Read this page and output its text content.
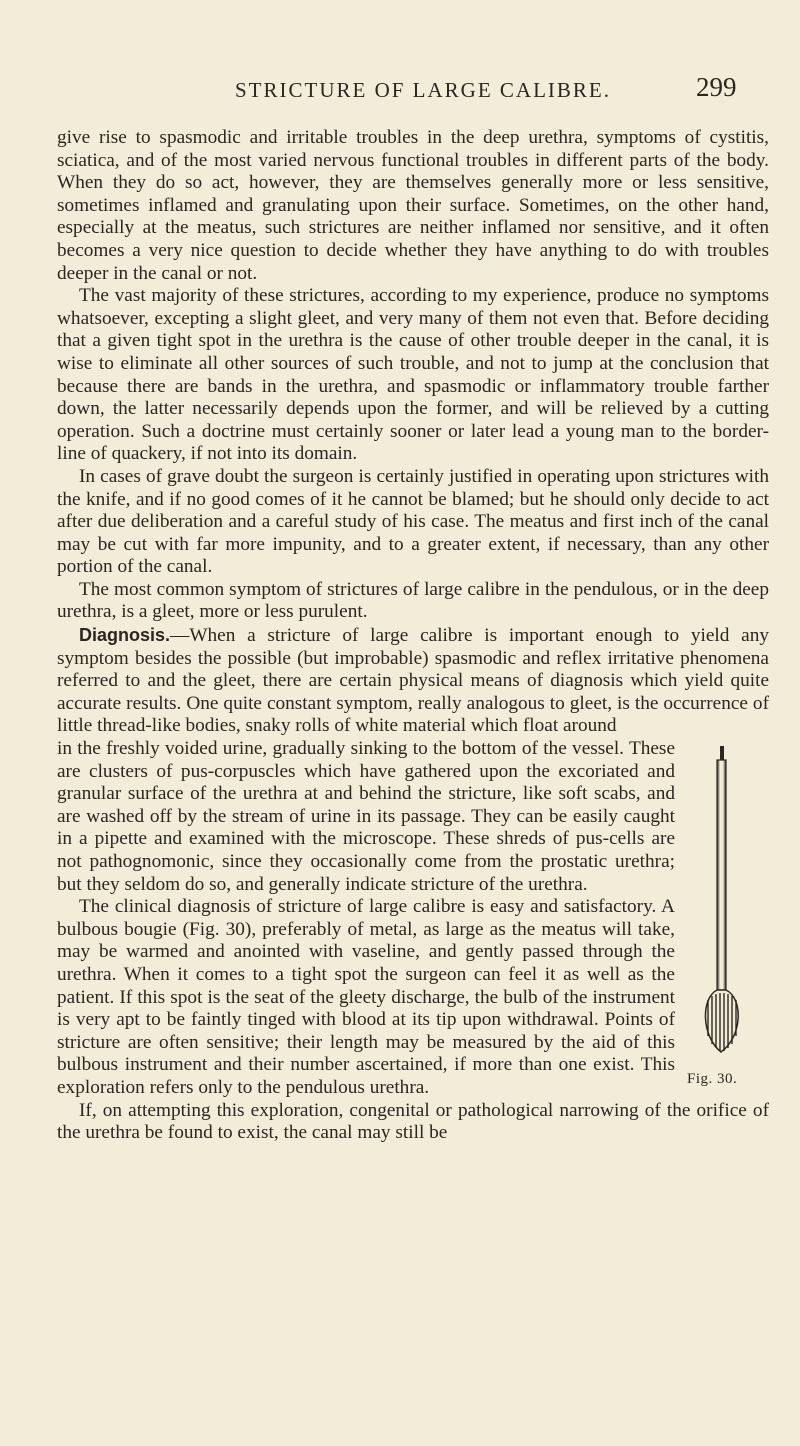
STRICTURE OF LARGE CALIBRE.	299

give rise to spasmodic and irritable troubles in the deep urethra, symptoms of cystitis, sciatica, and of the most varied nervous functional troubles in different parts of the body. When they do so act, however, they are themselves generally more or less sensitive, sometimes inflamed and granulating upon their surface. Sometimes, on the other hand, especially at the meatus, such strictures are neither inflamed nor sensitive, and it often becomes a very nice question to decide whether they have anything to do with troubles deeper in the canal or not.

The vast majority of these strictures, according to my experience, produce no symptoms whatsoever, excepting a slight gleet, and very many of them not even that. Before deciding that a given tight spot in the urethra is the cause of other trouble deeper in the canal, it is wise to eliminate all other sources of such trouble, and not to jump at the conclusion that because there are bands in the urethra, and spasmodic or inflammatory trouble farther down, the latter necessarily depends upon the former, and will be relieved by a cutting operation. Such a doctrine must certainly sooner or later lead a young man to the border-line of quackery, if not into its domain.

In cases of grave doubt the surgeon is certainly justified in operating upon strictures with the knife, and if no good comes of it he cannot be blamed; but he should only decide to act after due deliberation and a careful study of his case. The meatus and first inch of the canal may be cut with far more impunity, and to a greater extent, if necessary, than any other portion of the canal.

The most common symptom of strictures of large calibre in the pendulous, or in the deep urethra, is a gleet, more or less purulent.

Diagnosis.—When a stricture of large calibre is important enough to yield any symptom besides the possible (but improbable) spasmodic and reflex irritative phenomena referred to and the gleet, there are certain physical means of diagnosis which yield quite accurate results. One quite constant symptom, really analogous to gleet, is the occurrence of little thread-like bodies, snaky rolls of white material which float around

Fig. 30.

in the freshly voided urine, gradually sinking to the bottom of the vessel. These are clusters of pus-corpuscles which have gathered upon the excoriated and granular surface of the urethra at and behind the stricture, like soft scabs, and are washed off by the stream of urine in its passage. They can be easily caught in a pipette and examined with the microscope. These shreds of pus-cells are not pathognomonic, since they occasionally come from the prostatic urethra; but they seldom do so, and generally indicate stricture of the urethra.

The clinical diagnosis of stricture of large calibre is easy and satisfactory. A bulbous bougie (Fig. 30), preferably of metal, as large as the meatus will take, may be warmed and anointed with vaseline, and gently passed through the urethra. When it comes to a tight spot the surgeon can feel it as well as the patient. If this spot is the seat of the gleety discharge, the bulb of the instrument is very apt to be faintly tinged with blood at its tip upon withdrawal. Points of stricture are often sensitive; their length may be measured by the aid of this bulbous instrument and their number ascertained, if more than one exist. This exploration refers only to the pendulous urethra.

If, on attempting this exploration, congenital or pathological narrowing of the orifice of the urethra be found to exist, the canal may still be
